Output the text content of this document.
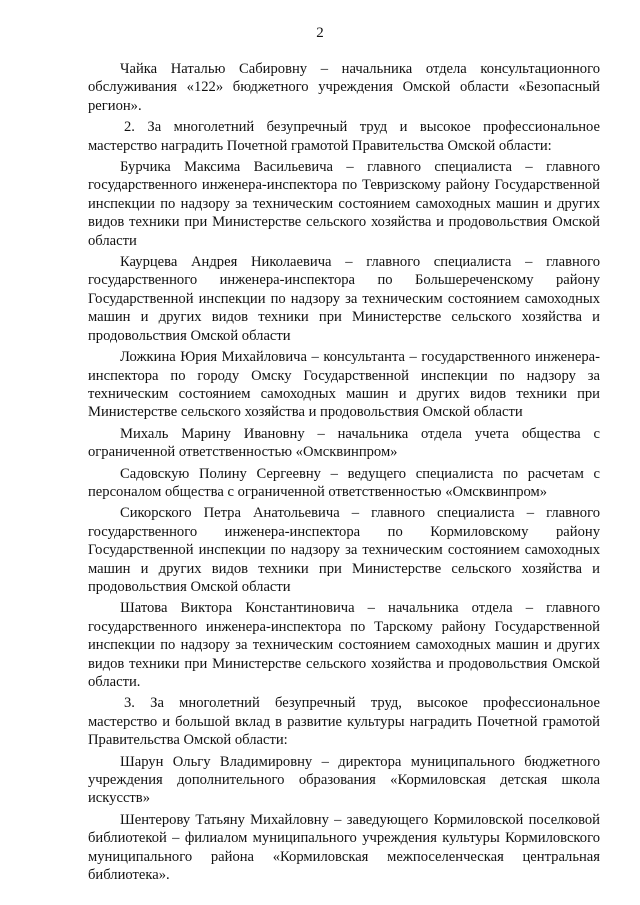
2

Чайка Наталью Сабировну – начальника отдела консультационного обслуживания «122» бюджетного учреждения Омской области «Безопасный регион».

2. За многолетний безупречный труд и высокое профессиональное мастерство наградить Почетной грамотой Правительства Омской области:

Бурчика Максима Васильевича – главного специалиста – главного государственного инженера-инспектора по Тевризскому району Государственной инспекции по надзору за техническим состоянием самоходных машин и других видов техники при Министерстве сельского хозяйства и продовольствия Омской области

Каурцева Андрея Николаевича – главного специалиста – главного государственного инженера-инспектора по Большереченскому району Государственной инспекции по надзору за техническим состоянием самоходных машин и других видов техники при Министерстве сельского хозяйства и продовольствия Омской области

Ложкина Юрия Михайловича – консультанта – государственного инженера-инспектора по городу Омску Государственной инспекции по надзору за техническим состоянием самоходных машин и других видов техники при Министерстве сельского хозяйства и продовольствия Омской области

Михаль Марину Ивановну – начальника отдела учета общества с ограниченной ответственностью «Омсквинпром»

Садовскую Полину Сергеевну – ведущего специалиста по расчетам с персоналом общества с ограниченной ответственностью «Омсквинпром»

Сикорского Петра Анатольевича – главного специалиста – главного государственного инженера-инспектора по Кормиловскому району Государственной инспекции по надзору за техническим состоянием самоходных машин и других видов техники при Министерстве сельского хозяйства и продовольствия Омской области

Шатова Виктора Константиновича – начальника отдела – главного государственного инженера-инспектора по Тарскому району Государственной инспекции по надзору за техническим состоянием самоходных машин и других видов техники при Министерстве сельского хозяйства и продовольствия Омской области.

3. За многолетний безупречный труд, высокое профессиональное мастерство и большой вклад в развитие культуры наградить Почетной грамотой Правительства Омской области:

Шарун Ольгу Владимировну – директора муниципального бюджетного учреждения дополнительного образования «Кормиловская детская школа искусств»

Шентерову Татьяну Михайловну – заведующего Кормиловской поселковой библиотекой – филиалом муниципального учреждения культуры Кормиловского муниципального района «Кормиловская межпоселенческая центральная библиотека».
